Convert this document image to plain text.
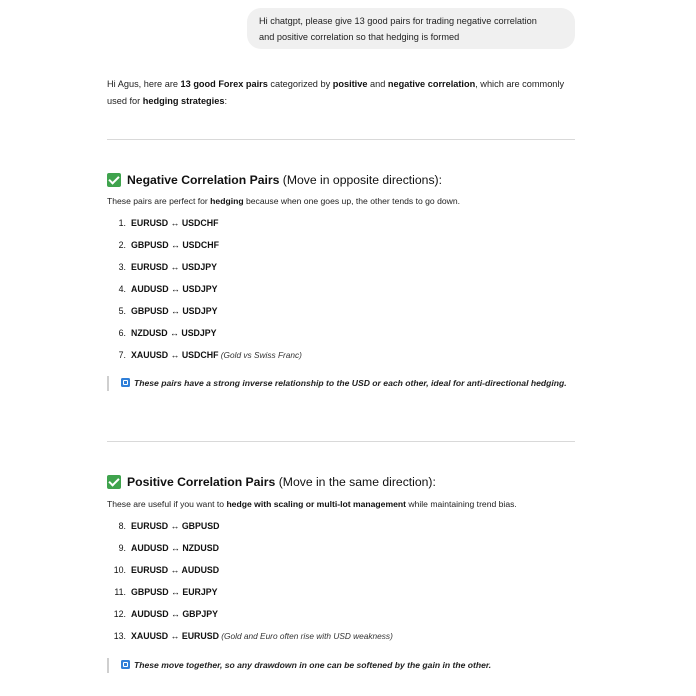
Hi chatgpt, please give 13 good pairs for trading negative correlation
and positive correlation so that hedging is formed
Hi Agus, here are 13 good Forex pairs categorized by positive and negative correlation, which are commonly used for hedging strategies:
Negative Correlation Pairs (Move in opposite directions):
These pairs are perfect for hedging because when one goes up, the other tends to go down.
1. EURUSD ↔ USDCHF
2. GBPUSD ↔ USDCHF
3. EURUSD ↔ USDJPY
4. AUDUSD ↔ USDJPY
5. GBPUSD ↔ USDJPY
6. NZDUSD ↔ USDJPY
7. XAUUSD ↔ USDCHF (Gold vs Swiss Franc)
These pairs have a strong inverse relationship to the USD or each other, ideal for anti-directional hedging.
Positive Correlation Pairs (Move in the same direction):
These are useful if you want to hedge with scaling or multi-lot management while maintaining trend bias.
8. EURUSD ↔ GBPUSD
9. AUDUSD ↔ NZDUSD
10. EURUSD ↔ AUDUSD
11. GBPUSD ↔ EURJPY
12. AUDUSD ↔ GBPJPY
13. XAUUSD ↔ EURUSD (Gold and Euro often rise with USD weakness)
These move together, so any drawdown in one can be softened by the gain in the other.
